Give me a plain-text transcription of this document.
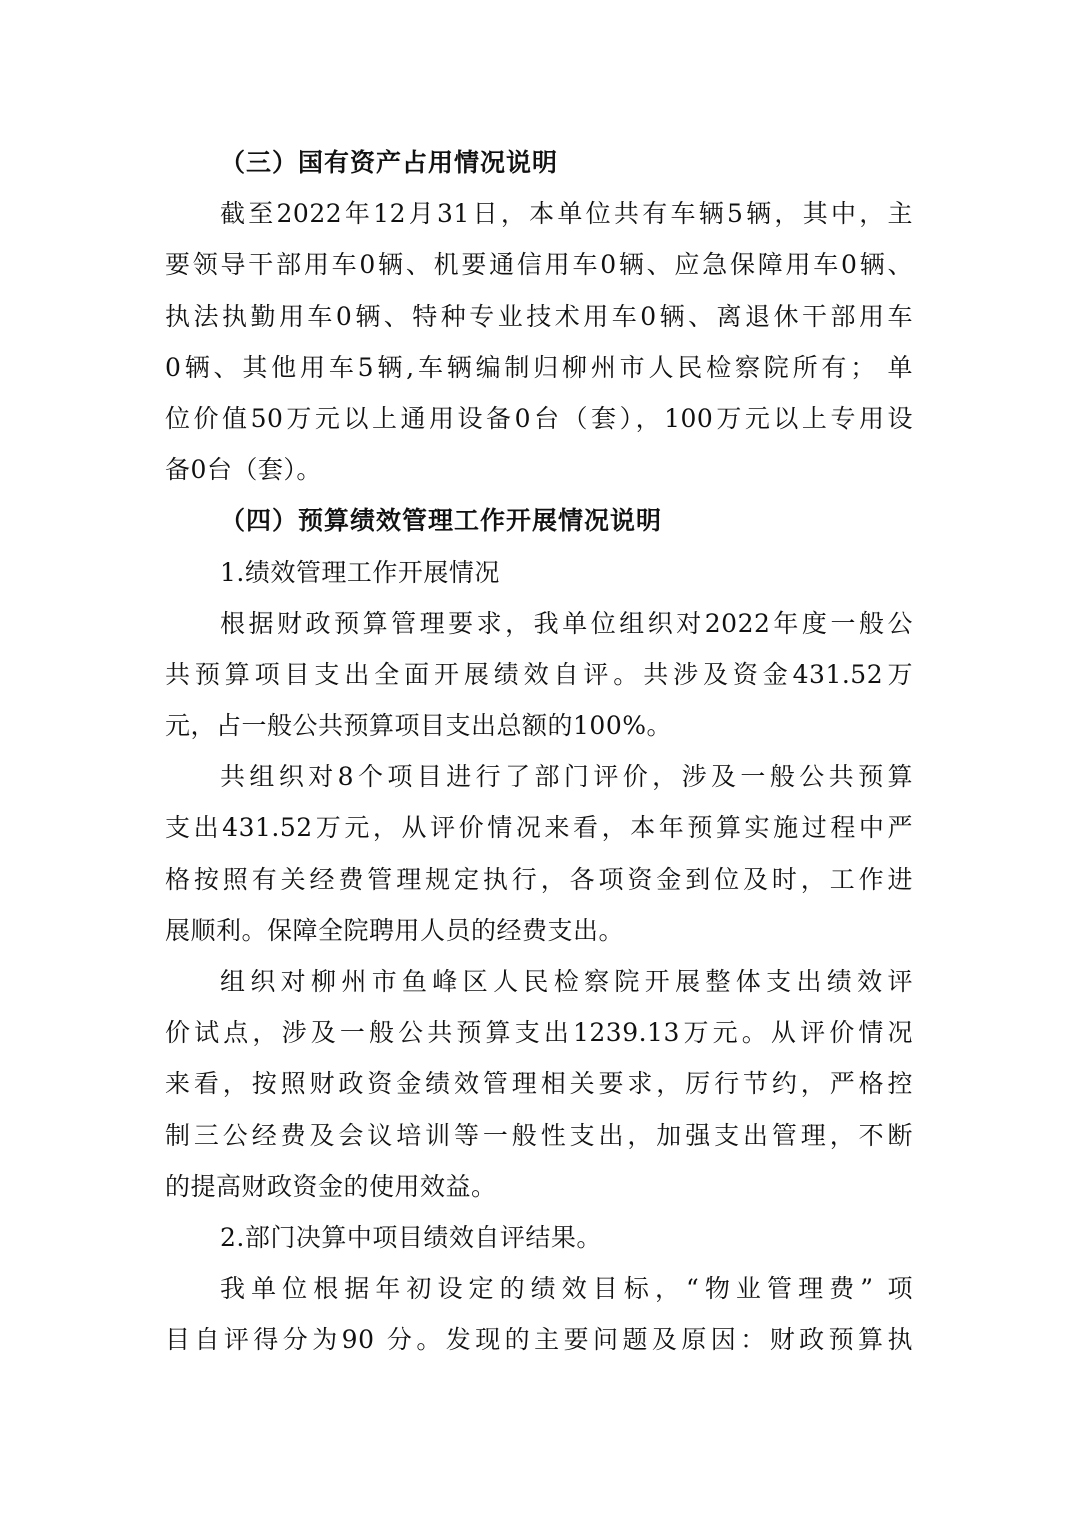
（三）国有资产占用情况说明
截至2022年12月31日，本单位共有车辆5辆，其中，主
要领导干部用车0辆、机要通信用车0辆、应急保障用车0辆、
执法执勤用车0辆、特种专业技术用车0辆、离退休干部用车
0辆、其他用车5辆,车辆编制归柳州市人民检察院所有； 单
位价值50万元以上通用设备0台（套），100万元以上专用设
备0台（套）。
（四）预算绩效管理工作开展情况说明
1.绩效管理工作开展情况
根据财政预算管理要求，我单位组织对2022年度一般公
共预算项目支出全面开展绩效自评。共涉及资金431.52万
元，占一般公共预算项目支出总额的100%。
共组织对8个项目进行了部门评价，涉及一般公共预算
支出431.52万元，从评价情况来看，本年预算实施过程中严
格按照有关经费管理规定执行，各项资金到位及时，工作进
展顺利。保障全院聘用人员的经费支出。
组织对柳州市鱼峰区人民检察院开展整体支出绩效评
价试点，涉及一般公共预算支出1239.13万元。从评价情况
来看，按照财政资金绩效管理相关要求，厉行节约，严格控
制三公经费及会议培训等一般性支出，加强支出管理，不断
的提高财政资金的使用效益。
2.部门决算中项目绩效自评结果。
我单位根据年初设定的绩效目标，“物业管理费” 项
目自评得分为90 分。发现的主要问题及原因：财政预算执
